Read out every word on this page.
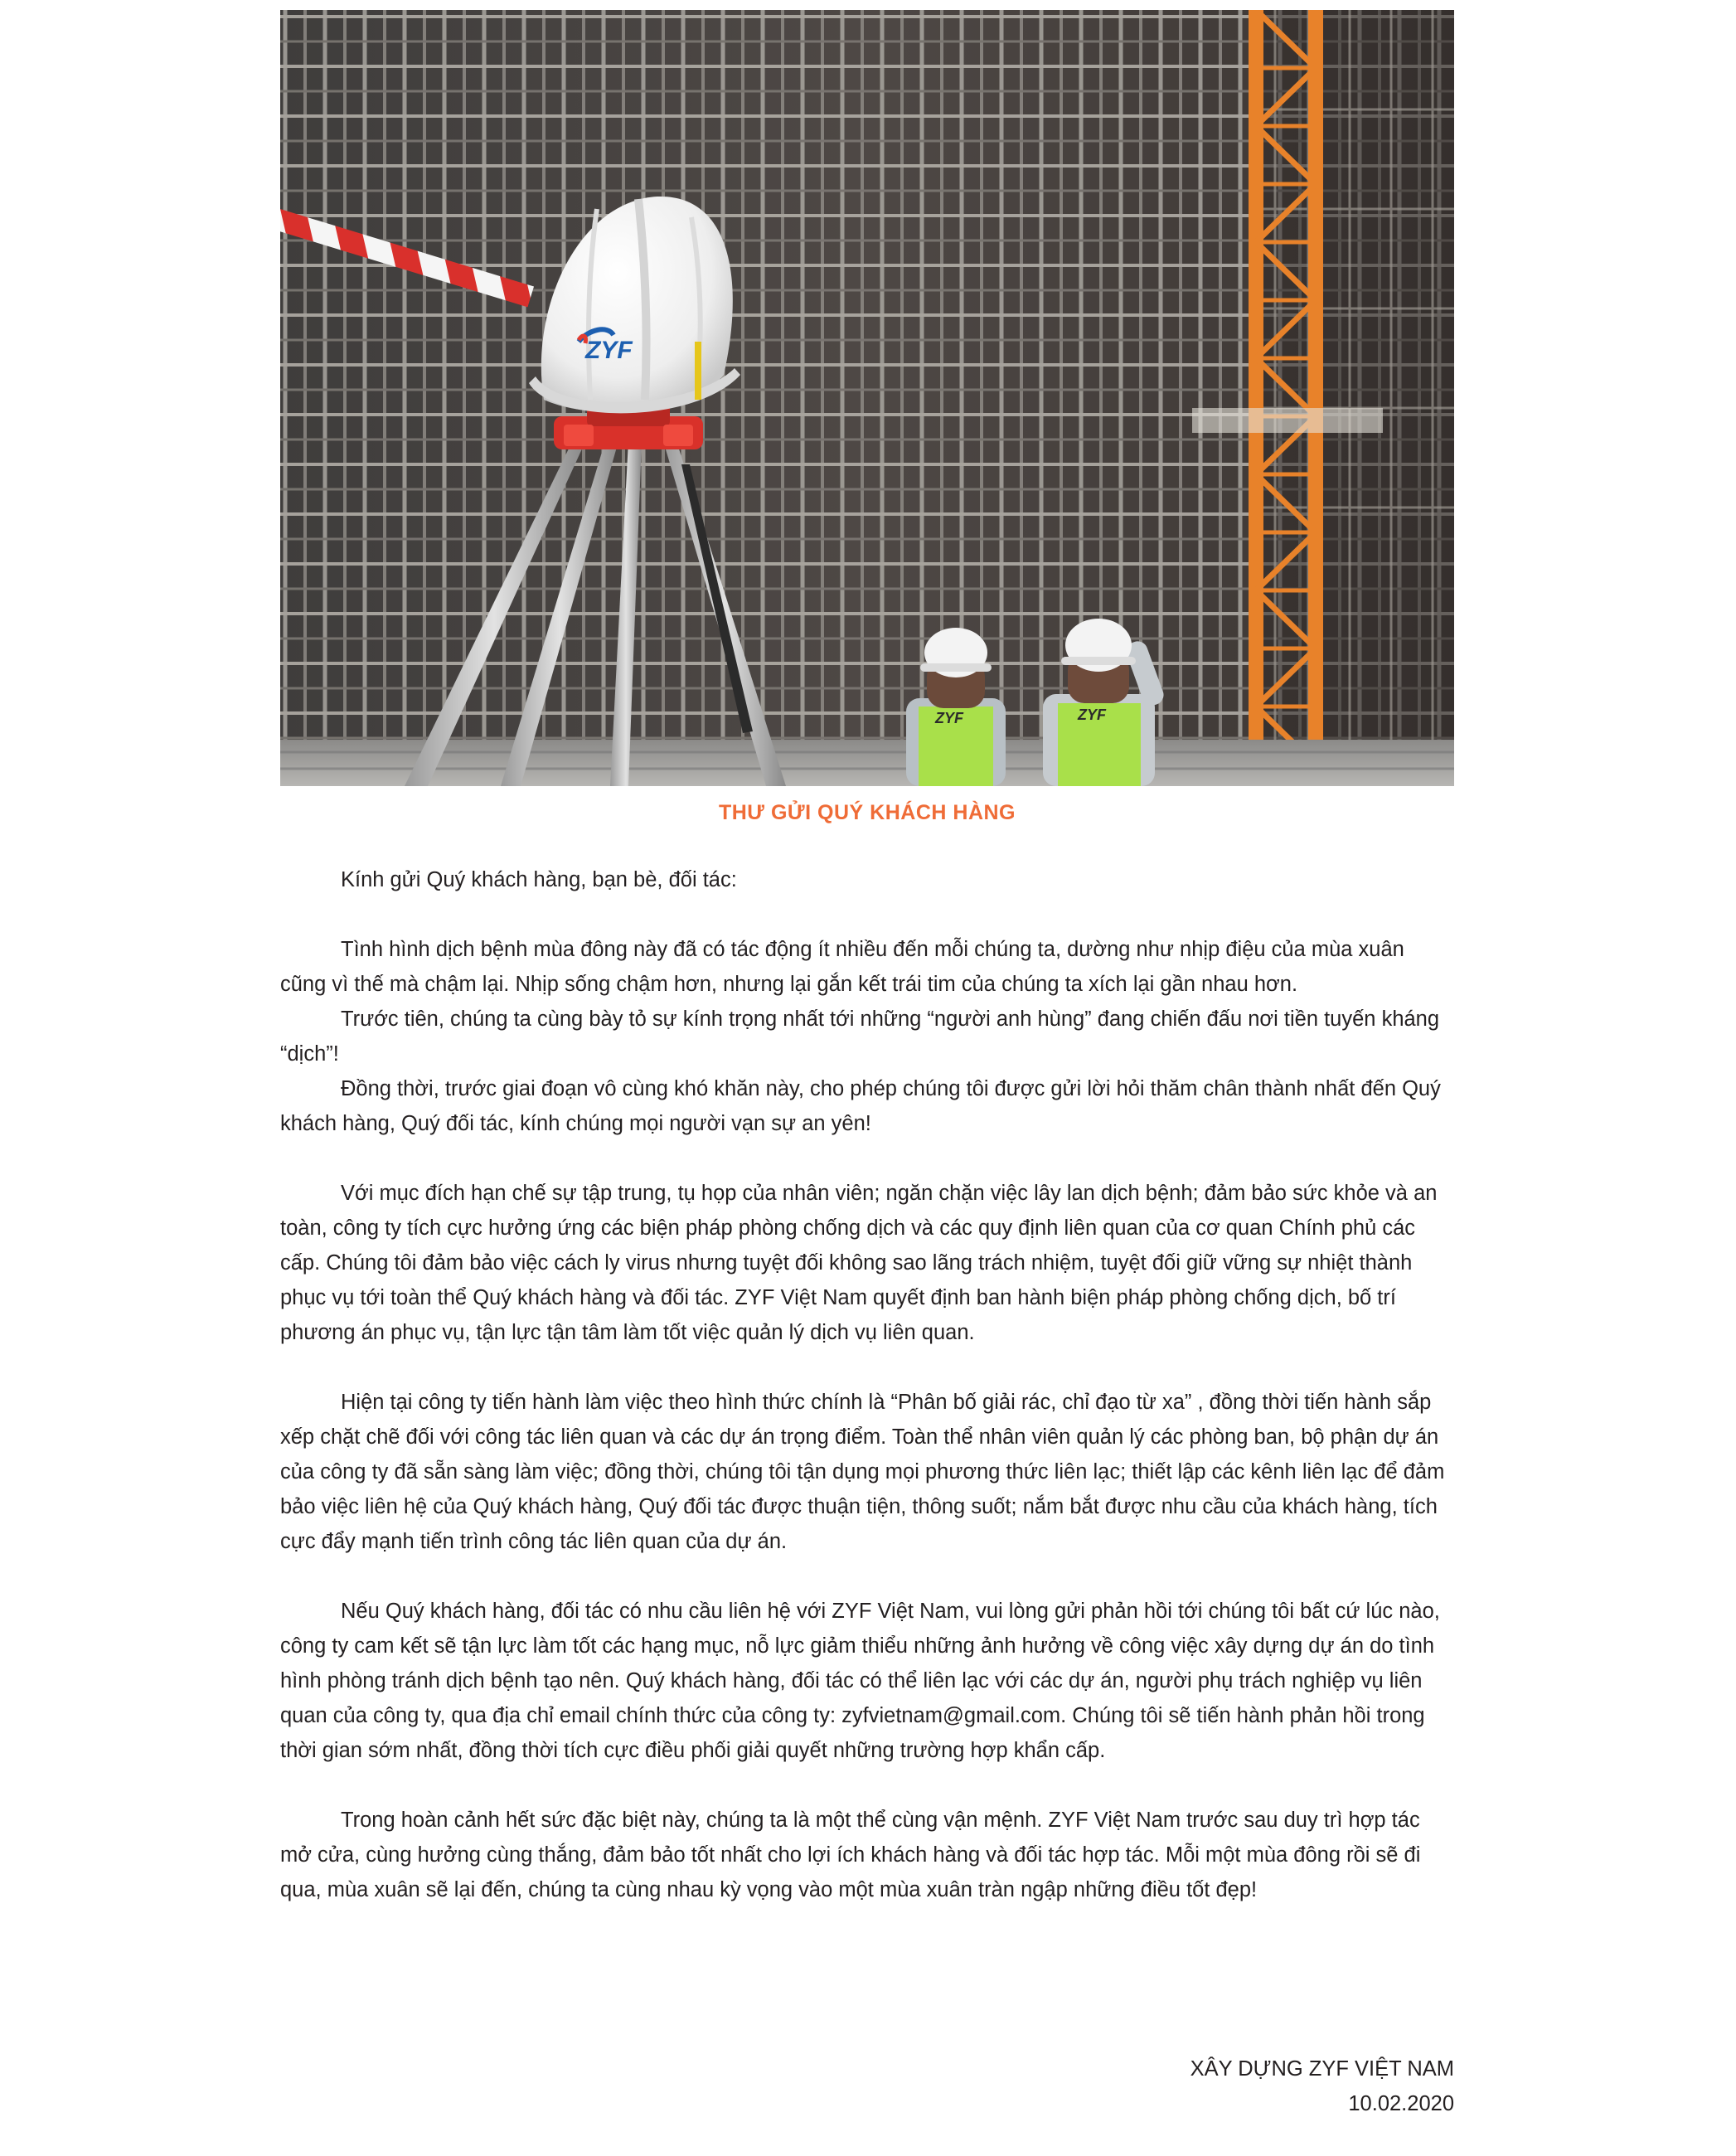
ZYF
ZYF	ZYF
THƯ GỬI QUÝ KHÁCH HÀNG

Kính gửi Quý khách hàng, bạn bè, đối tác:

Tình hình dịch bệnh mùa đông này đã có tác động ít nhiều đến mỗi chúng ta, dường như nhịp điệu của mùa xuân cũng vì thế mà chậm lại. Nhịp sống chậm hơn, nhưng lại gắn kết trái tim của chúng ta xích lại gần nhau hơn.

Trước tiên, chúng ta cùng bày tỏ sự kính trọng nhất tới những “người anh hùng” đang chiến đấu nơi tiền tuyến kháng “dịch”!

Đồng thời, trước giai đoạn vô cùng khó khăn này, cho phép chúng tôi được gửi lời hỏi thăm chân thành nhất đến Quý khách hàng, Quý đối tác, kính chúng mọi người vạn sự an yên!

Với mục đích hạn chế sự tập trung, tụ họp của nhân viên; ngăn chặn việc lây lan dịch bệnh; đảm bảo sức khỏe và an toàn, công ty tích cực hưởng ứng các biện pháp phòng chống dịch và các quy định liên quan của cơ quan Chính phủ các cấp. Chúng tôi đảm bảo việc cách ly virus nhưng tuyệt đối không sao lãng trách nhiệm, tuyệt đối giữ vững sự nhiệt thành phục vụ tới toàn thể Quý khách hàng và đối tác. ZYF Việt Nam quyết định ban hành biện pháp phòng chống dịch, bố trí phương án phục vụ, tận lực tận tâm làm tốt việc quản lý dịch vụ liên quan.

Hiện tại công ty tiến hành làm việc theo hình thức chính là “Phân bố giải rác, chỉ đạo từ xa” , đồng thời tiến hành sắp xếp chặt chẽ đối với công tác liên quan và các dự án trọng điểm. Toàn thể nhân viên quản lý các phòng ban, bộ phận dự án của công ty đã sẵn sàng làm việc; đồng thời, chúng tôi tận dụng mọi phương thức liên lạc; thiết lập các kênh liên lạc để đảm bảo việc liên hệ của Quý khách hàng, Quý đối tác được thuận tiện, thông suốt; nắm bắt được nhu cầu của khách hàng, tích cực đẩy mạnh tiến trình công tác liên quan của dự án.

Nếu Quý khách hàng, đối tác có nhu cầu liên hệ với ZYF Việt Nam, vui lòng gửi phản hồi tới chúng tôi bất cứ lúc nào, công ty cam kết sẽ tận lực làm tốt các hạng mục, nỗ lực giảm thiểu những ảnh hưởng về công việc xây dựng dự án do tình hình phòng tránh dịch bệnh tạo nên. Quý khách hàng, đối tác có thể liên lạc với các dự án, người phụ trách nghiệp vụ liên quan của công ty, qua địa chỉ email chính thức của công ty: zyfvietnam@gmail.com. Chúng tôi sẽ tiến hành phản hồi trong thời gian sớm nhất, đồng thời tích cực điều phối giải quyết những trường hợp khẩn cấp.

Trong hoàn cảnh hết sức đặc biệt này, chúng ta là một thể cùng vận mệnh. ZYF Việt Nam trước sau duy trì hợp tác mở cửa, cùng hưởng cùng thắng, đảm bảo tốt nhất cho lợi ích khách hàng và đối tác hợp tác. Mỗi một mùa đông rồi sẽ đi qua, mùa xuân sẽ lại đến, chúng ta cùng nhau kỳ vọng vào một mùa xuân tràn ngập những điều tốt đẹp!

XÂY DỰNG ZYF VIỆT NAM
10.02.2020
